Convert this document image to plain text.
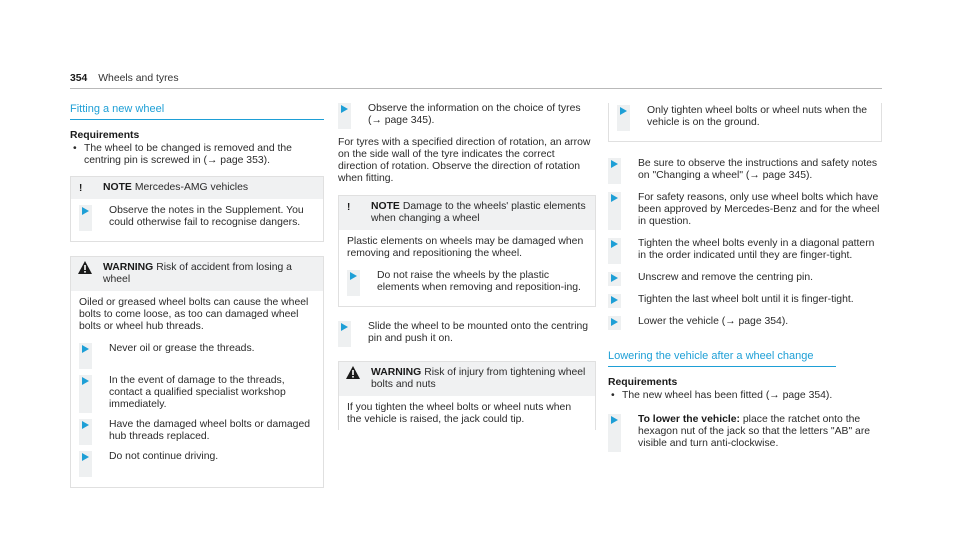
354 Wheels and tyres
Fitting a new wheel
Requirements
• The wheel to be changed is removed and the centring pin is screwed in (→ page 353).
!	NOTE Mercedes-AMG vehicles
Observe the notes in the Supplement. You could otherwise fail to recognise dangers.
WARNING Risk of accident from losing a wheel
Oiled or greased wheel bolts can cause the wheel bolts to come loose, as too can damaged wheel bolts or wheel hub threads.
Never oil or grease the threads.
In the event of damage to the threads, contact a qualified specialist workshop immediately.
Have the damaged wheel bolts or damaged hub threads replaced.
Do not continue driving.
Observe the information on the choice of tyres (→ page 345).
For tyres with a specified direction of rotation, an arrow on the side wall of the tyre indicates the correct direction of rotation. Observe the direction of rotation when fitting.
!	NOTE Damage to the wheels' plastic elements when changing a wheel
Plastic elements on wheels may be damaged when removing and repositioning the wheel.
Do not raise the wheels by the plastic elements when removing and reposition-ing.
Slide the wheel to be mounted onto the centring pin and push it on.
WARNING Risk of injury from tightening wheel bolts and nuts
If you tighten the wheel bolts or wheel nuts when the vehicle is raised, the jack could tip.
Only tighten wheel bolts or wheel nuts when the vehicle is on the ground.
Be sure to observe the instructions and safety notes on "Changing a wheel" (→ page 345).
For safety reasons, only use wheel bolts which have been approved by Mercedes-Benz and for the wheel in question.
Tighten the wheel bolts evenly in a diagonal pattern in the order indicated until they are finger-tight.
Unscrew and remove the centring pin.
Tighten the last wheel bolt until it is finger-tight.
Lower the vehicle (→ page 354).
Lowering the vehicle after a wheel change
Requirements
• The new wheel has been fitted (→ page 354).
To lower the vehicle: place the ratchet onto the hexagon nut of the jack so that the letters "AB" are visible and turn anti-clockwise.
